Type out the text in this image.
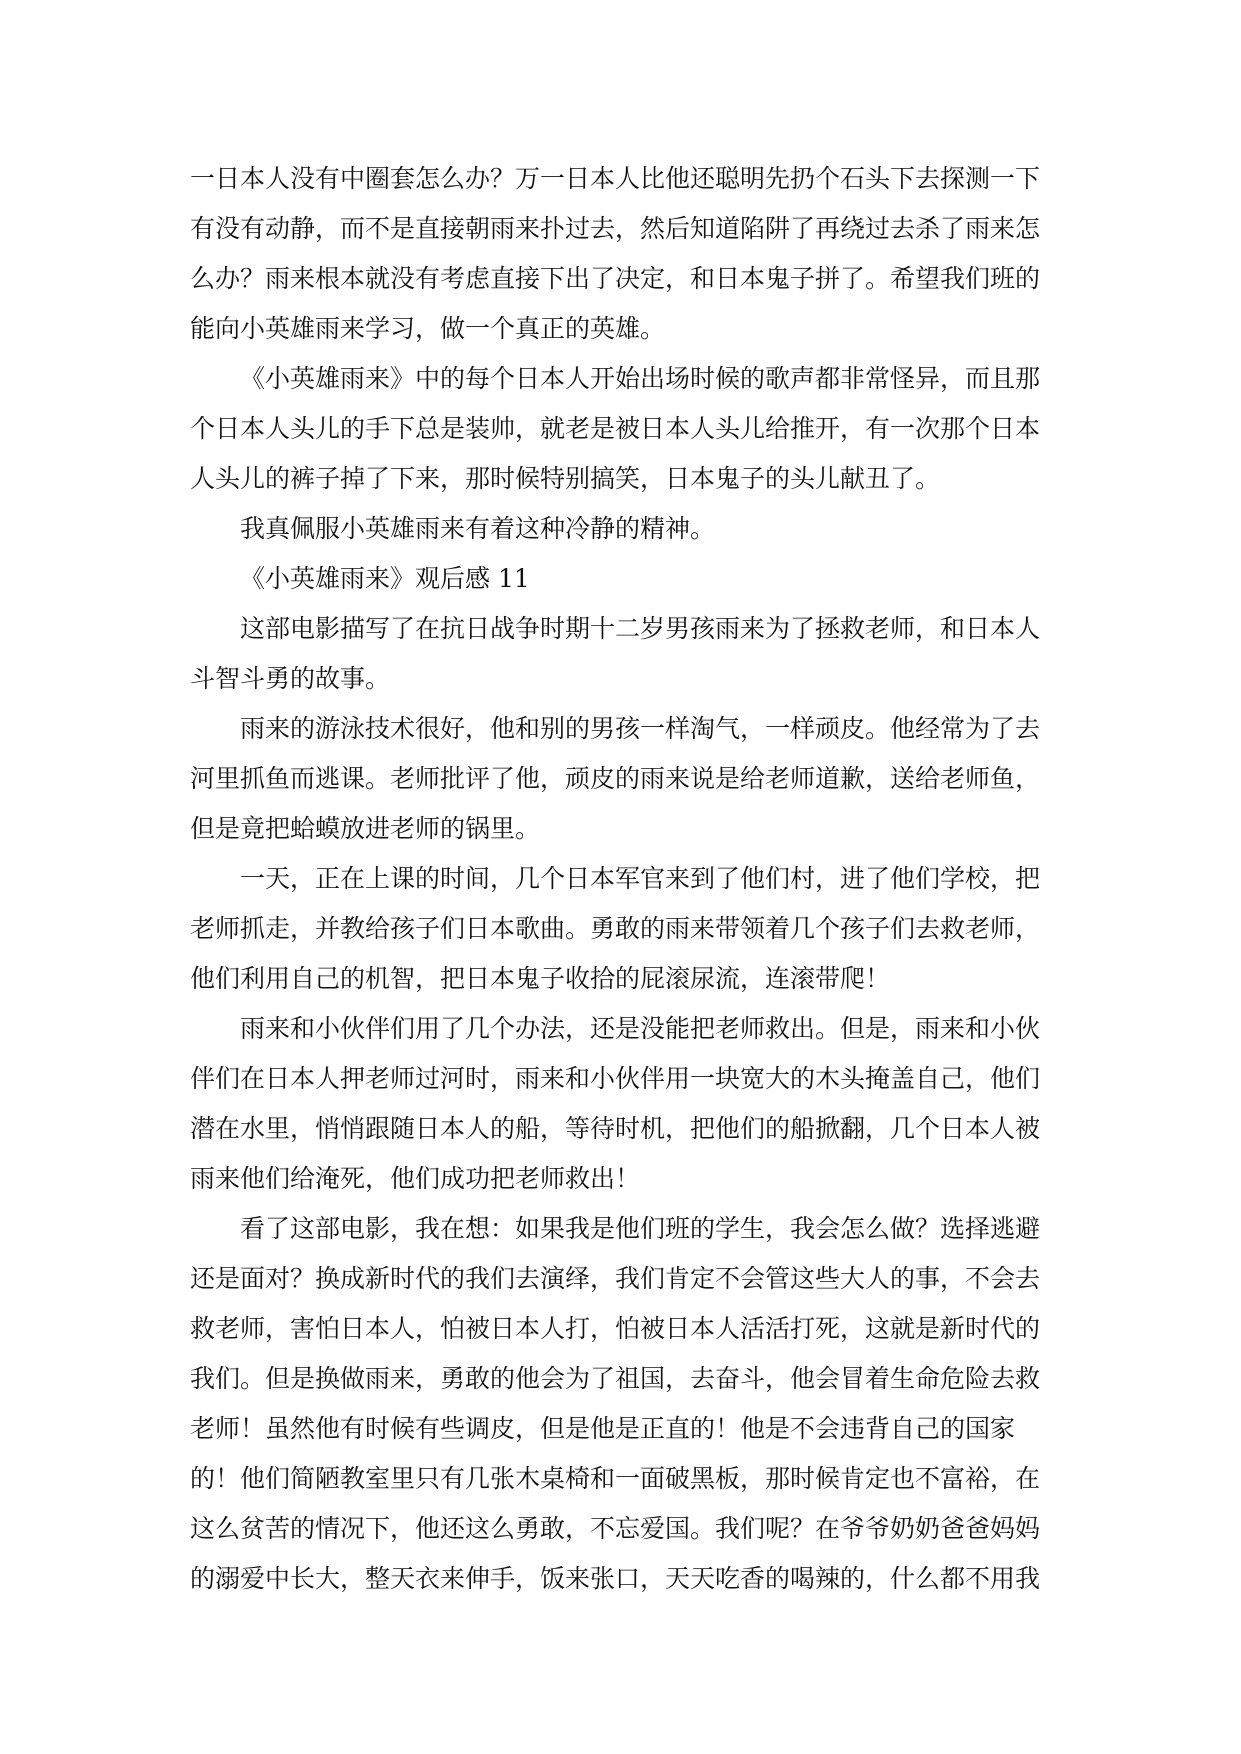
一日本人没有中圈套怎么办？万一日本人比他还聪明先扔个石头下去探测一下
有没有动静，而不是直接朝雨来扑过去，然后知道陷阱了再绕过去杀了雨来怎
么办？雨来根本就没有考虑直接下出了决定，和日本鬼子拼了。希望我们班的
能向小英雄雨来学习，做一个真正的英雄。
《小英雄雨来》中的每个日本人开始出场时候的歌声都非常怪异，而且那
个日本人头儿的手下总是装帅，就老是被日本人头儿给推开，有一次那个日本
人头儿的裤子掉了下来，那时候特别搞笑，日本鬼子的头儿献丑了。
我真佩服小英雄雨来有着这种冷静的精神。
《小英雄雨来》观后感 11
这部电影描写了在抗日战争时期十二岁男孩雨来为了拯救老师，和日本人
斗智斗勇的故事。
雨来的游泳技术很好，他和别的男孩一样淘气，一样顽皮。他经常为了去
河里抓鱼而逃课。老师批评了他，顽皮的雨来说是给老师道歉，送给老师鱼，
但是竟把蛤蟆放进老师的锅里。
一天，正在上课的时间，几个日本军官来到了他们村，进了他们学校，把
老师抓走，并教给孩子们日本歌曲。勇敢的雨来带领着几个孩子们去救老师，
他们利用自己的机智，把日本鬼子收拾的屁滚尿流，连滚带爬！
雨来和小伙伴们用了几个办法，还是没能把老师救出。但是，雨来和小伙
伴们在日本人押老师过河时，雨来和小伙伴用一块宽大的木头掩盖自己，他们
潜在水里，悄悄跟随日本人的船，等待时机，把他们的船掀翻，几个日本人被
雨来他们给淹死，他们成功把老师救出！
看了这部电影，我在想：如果我是他们班的学生，我会怎么做？选择逃避
还是面对？换成新时代的我们去演绎，我们肯定不会管这些大人的事，不会去
救老师，害怕日本人，怕被日本人打，怕被日本人活活打死，这就是新时代的
我们。但是换做雨来，勇敢的他会为了祖国，去奋斗，他会冒着生命危险去救
老师！虽然他有时候有些调皮，但是他是正直的！他是不会违背自己的国家
的！他们简陋教室里只有几张木桌椅和一面破黑板，那时候肯定也不富裕，在
这么贫苦的情况下，他还这么勇敢，不忘爱国。我们呢？在爷爷奶奶爸爸妈妈
的溺爱中长大，整天衣来伸手，饭来张口，天天吃香的喝辣的，什么都不用我
